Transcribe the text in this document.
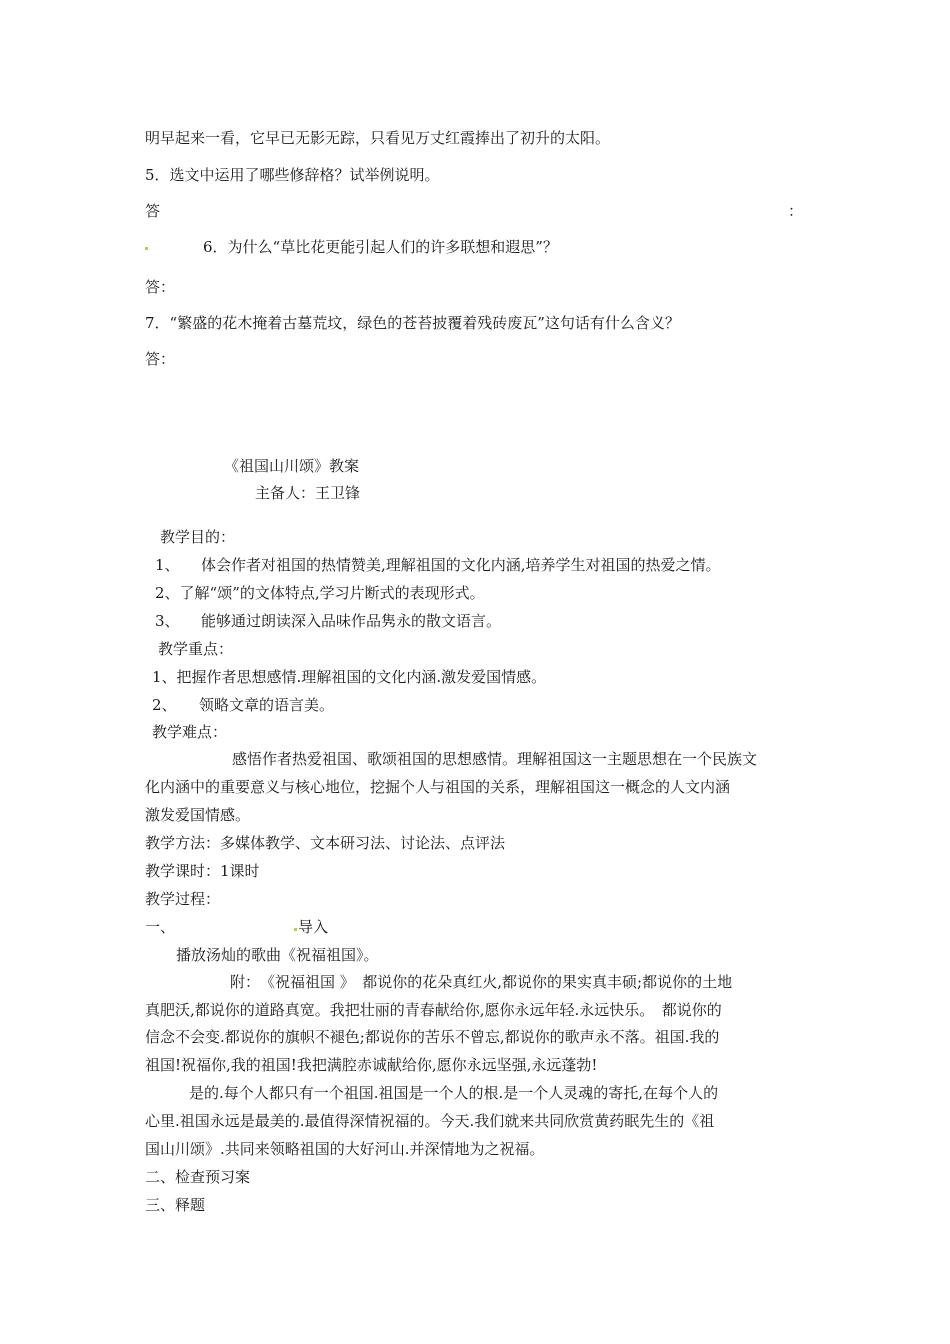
明早起来一看，它早已无影无踪，只看见万丈红霞捧出了初升的太阳。
5．选文中运用了哪些修辞格？试举例说明。
答	：
6．为什么“草比花更能引起人们的许多联想和遐思”？
答：
7．“繁盛的花木掩着古墓荒坟，绿色的苍苔披覆着残砖废瓦”这句话有什么含义？
答：
《祖国山川颂》教案
主备人：王卫锋
教学目的：
1、 体会作者对祖国的热情赞美,理解祖国的文化内涵,培养学生对祖国的热爱之情。
2、了解“颂”的文体特点,学习片断式的表现形式。
3、 能够通过朗读深入品味作品隽永的散文语言。
教学重点：
1、把握作者思想感情.理解祖国的文化内涵.激发爱国情感。
2、 领略文章的语言美。
教学难点：
感悟作者热爱祖国、歌颂祖国的思想感情。理解祖国这一主题思想在一个民族文
化内涵中的重要意义与核心地位，挖掘个人与祖国的关系，理解祖国这一概念的人文内涵
激发爱国情感。
教学方法：多媒体教学、文本研习法、讨论法、点评法
教学课时：1课时
教学过程：
一、	导入
播放汤灿的歌曲《祝福祖国》。
附：　《祝福祖国 》　都说你的花朵真红火,都说你的果实真丰硕;都说你的土地
真肥沃,都说你的道路真宽。我把壮丽的青春献给你,愿你永远年轻.永远快乐。　都说你的
信念不会变.都说你的旗帜不褪色;都说你的苦乐不曾忘,都说你的歌声永不落。祖国.我的
祖国!祝福你,我的祖国!我把满腔赤诚献给你,愿你永远坚强,永远蓬勃!
是的.每个人都只有一个祖国.祖国是一个人的根.是一个人灵魂的寄托,在每个人的
心里.祖国永远是最美的.最值得深情祝福的。今天.我们就来共同欣赏黄药眠先生的《祖
国山川颂》.共同来领略祖国的大好河山.并深情地为之祝福。
二、检查预习案
三、释题
